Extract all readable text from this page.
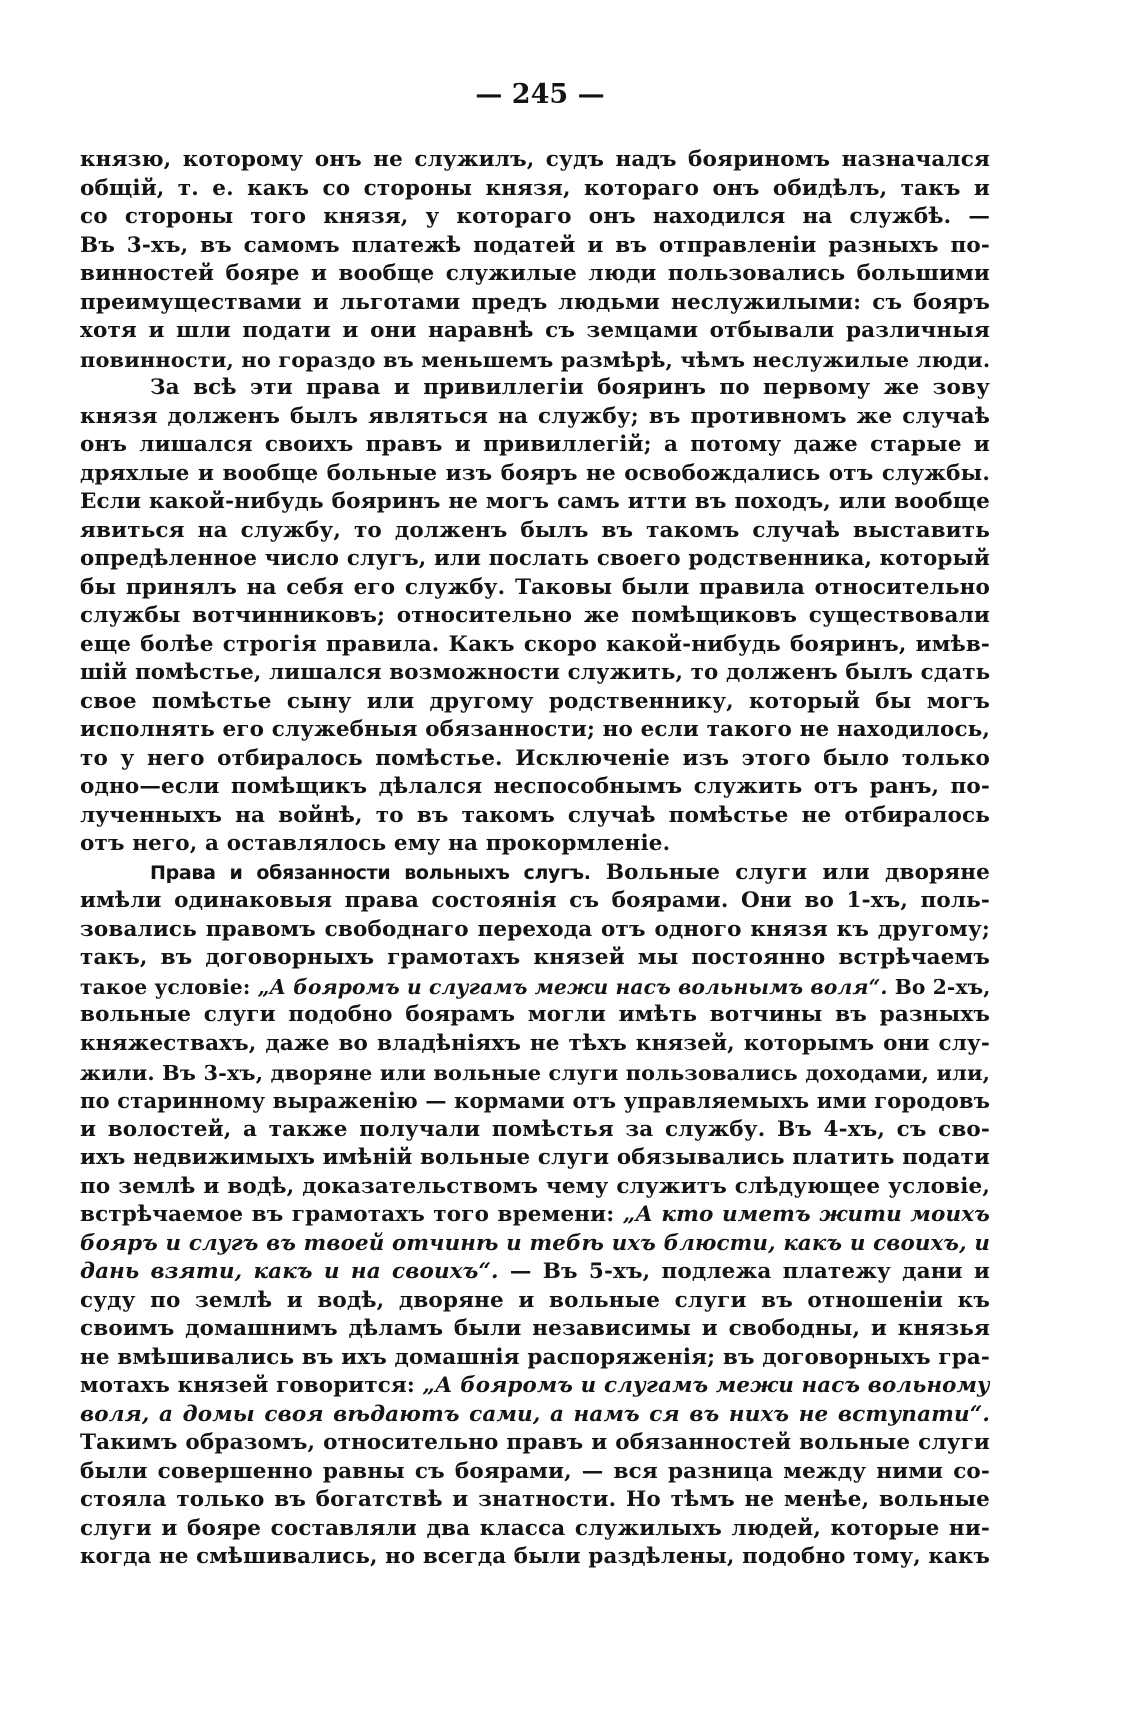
— 245 —
князю, которому онъ не служилъ, судъ надъ бояриномъ назначался
общій, т. е. какъ со стороны князя, котораго онъ обидѣлъ, такъ и
со стороны того князя, у котораго онъ находился на службѣ. —
Въ 3-хъ, въ самомъ платежѣ податей и въ отправленіи разныхъ по-
винностей бояре и вообще служилые люди пользовались большими
преимуществами и льготами предъ людьми неслужилыми: съ бояръ
хотя и шли подати и они наравнѣ съ земцами отбывали различныя
повинности, но гораздо въ меньшемъ размѣрѣ, чѣмъ неслужилые люди.
За всѣ эти права и привиллегіи бояринъ по первому же зову
князя долженъ былъ являться на службу; въ противномъ же случаѣ
онъ лишался своихъ правъ и привиллегій; а потому даже старые и
дряхлые и вообще больные изъ бояръ не освобождались отъ службы.
Если какой-нибудь бояринъ не могъ самъ итти въ походъ, или вообще
явиться на службу, то долженъ былъ въ такомъ случаѣ выставить
опредѣленное число слугъ, или послать своего родственника, который
бы принялъ на себя его службу. Таковы были правила относительно
службы вотчинниковъ; относительно же помѣщиковъ существовали
еще болѣе строгія правила. Какъ скоро какой-нибудь бояринъ, имѣв-
шій помѣстье, лишался возможности служить, то долженъ былъ сдать
свое помѣстье сыну или другому родственнику, который бы могъ
исполнять его служебныя обязанности; но если такого не находилось,
то у него отбиралось помѣстье. Исключеніе изъ этого было только
одно—если помѣщикъ дѣлался неспособнымъ служить отъ ранъ, по-
лученныхъ на войнѣ, то въ такомъ случаѣ помѣстье не отбиралось
отъ него, а оставлялось ему на прокормленіе.
Права и обязанности вольныхъ слугъ. Вольные слуги или дворяне
имѣли одинаковыя права состоянія съ боярами. Они во 1-хъ, поль-
зовались правомъ свободнаго перехода отъ одного князя къ другому;
такъ, въ договорныхъ грамотахъ князей мы постоянно встрѣчаемъ
такое условіе: „А бояромъ и слугамъ межи насъ вольнымъ воля“. Во 2-хъ,
вольные слуги подобно боярамъ могли имѣть вотчины въ разныхъ
княжествахъ, даже во владѣніяхъ не тѣхъ князей, которымъ они слу-
жили. Въ 3-хъ, дворяне или вольные слуги пользовались доходами, или,
по старинному выраженію — кормами отъ управляемыхъ ими городовъ
и волостей, а также получали помѣстья за службу. Въ 4-хъ, съ сво-
ихъ недвижимыхъ имѣній вольные слуги обязывались платить подати
по землѣ и водѣ, доказательствомъ чему служитъ слѣдующее условіе,
встрѣчаемое въ грамотахъ того времени: „А кто иметъ жити моихъ
бояръ и слугъ въ твоей отчинѣ и тебѣ ихъ блюсти, какъ и своихъ, и
дань взяти, какъ и на своихъ“. — Въ 5-хъ, подлежа платежу дани и
суду по землѣ и водѣ, дворяне и вольные слуги въ отношеніи къ
своимъ домашнимъ дѣламъ были независимы и свободны, и князья
не вмѣшивались въ ихъ домашнія распоряженія; въ договорныхъ гра-
мотахъ князей говорится: „А бояромъ и слугамъ межи насъ вольному
воля, а домы своя вѣдаютъ сами, а намъ ся въ нихъ не вступати“.
Такимъ образомъ, относительно правъ и обязанностей вольные слуги
были совершенно равны съ боярами, — вся разница между ними со-
стояла только въ богатствѣ и знатности. Но тѣмъ не менѣе, вольные
слуги и бояре составляли два класса служилыхъ людей, которые ни-
когда не смѣшивались, но всегда были раздѣлены, подобно тому, какъ
